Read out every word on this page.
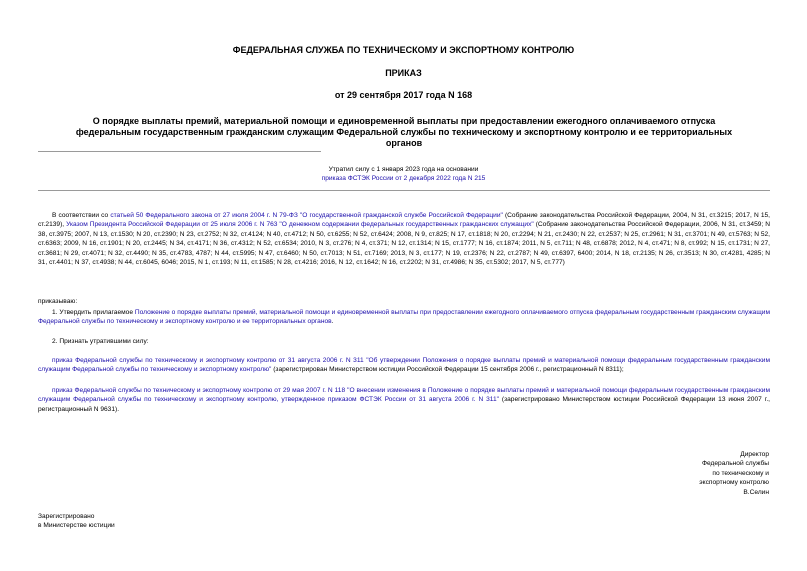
ФЕДЕРАЛЬНАЯ СЛУЖБА ПО ТЕХНИЧЕСКОМУ И ЭКСПОРТНОМУ КОНТРОЛЮ
ПРИКАЗ
от 29 сентября 2017 года N 168
О порядке выплаты премий, материальной помощи и единовременной выплаты при предоставлении ежегодного оплачиваемого отпуска федеральным государственным гражданским служащим Федеральной службы по техническому и экспортному контролю и ее территориальных органов
Утратил силу с 1 января 2023 года на основании
приказа ФСТЭК России от 2 декабря 2022 года N 215

В соответствии со статьей 50 Федерального закона от 27 июля 2004 г. N 79-ФЗ "О государственной гражданской службе Российской Федерации" (Собрание законодательства Российской Федерации, 2004, N 31, ст.3215; 2017, N 15, ст.2139), Указом Президента Российской Федерации от 25 июля 2006 г. N 763 "О денежном содержании федеральных государственных гражданских служащих" (Собрание законодательства Российской Федерации, 2006, N 31, ст.3459; N 38, ст.3975; 2007, N 13, ст.1530; N 20, ст.2390; N 23, ст.2752; N 32, ст.4124; N 40, ст.4712; N 50, ст.6255; N 52, ст.6424; 2008, N 9, ст.825; N 17, ст.1818; N 20, ст.2294; N 21, ст.2430; N 22, ст.2537; N 25, ст.2961; N 31, ст.3701; N 49, ст.5763; N 52, ст.6363; 2009, N 16, ст.1901; N 20, ст.2445; N 34, ст.4171; N 36, ст.4312; N 52, ст.6534; 2010, N 3, ст.276; N 4, ст.371; N 12, ст.1314; N 15, ст.1777; N 16, ст.1874; 2011, N 5, ст.711; N 48, ст.6878; 2012, N 4, ст.471; N 8, ст.992; N 15, ст.1731; N 27, ст.3681; N 29, ст.4071; N 32, ст.4490; N 35, ст.4783, 4787; N 44, ст.5995; N 47, ст.6460; N 50, ст.7013; N 51, ст.7169; 2013, N 3, ст.177; N 19, ст.2376; N 22, ст.2787; N 49, ст.6397, 6400; 2014, N 18, ст.2135; N 26, ст.3513; N 30, ст.4281, 4285; N 31, ст.4401; N 37, ст.4938; N 44, ст.6045, 6046; 2015, N 1, ст.193; N 11, ст.1585; N 28, ст.4216; 2016, N 12, ст.1642; N 16, ст.2202; N 31, ст.4986; N 35, ст.5302; 2017, N 5, ст.777)

приказываю:

1. Утвердить прилагаемое Положение о порядке выплаты премий, материальной помощи и единовременной выплаты при предоставлении ежегодного оплачиваемого отпуска федеральным государственным гражданским служащим Федеральной службы по техническому и экспортному контролю и ее территориальных органов.

2. Признать утратившими силу:

приказ Федеральной службы по техническому и экспортному контролю от 31 августа 2006 г. N 311 "Об утверждении Положения о порядке выплаты премий и материальной помощи федеральным государственным гражданским служащим Федеральной службы по техническому и экспортному контролю" (зарегистрирован Министерством юстиции Российской Федерации 15 сентября 2006 г., регистрационный N 8311);

приказ Федеральной службы по техническому и экспортному контролю от 29 мая 2007 г. N 118 "О внесении изменения в Положение о порядке выплаты премий и материальной помощи федеральным государственным гражданским служащим Федеральной службы по техническому и экспортному контролю, утвержденное приказом ФСТЭК России от 31 августа 2006 г. N 311" (зарегистрировано Министерством юстиции Российской Федерации 13 июня 2007 г., регистрационный N 9631).

Директор
Федеральной службы
по техническому и
экспортному контролю
В.Селин
Зарегистрировано
в Министерстве юстиции
